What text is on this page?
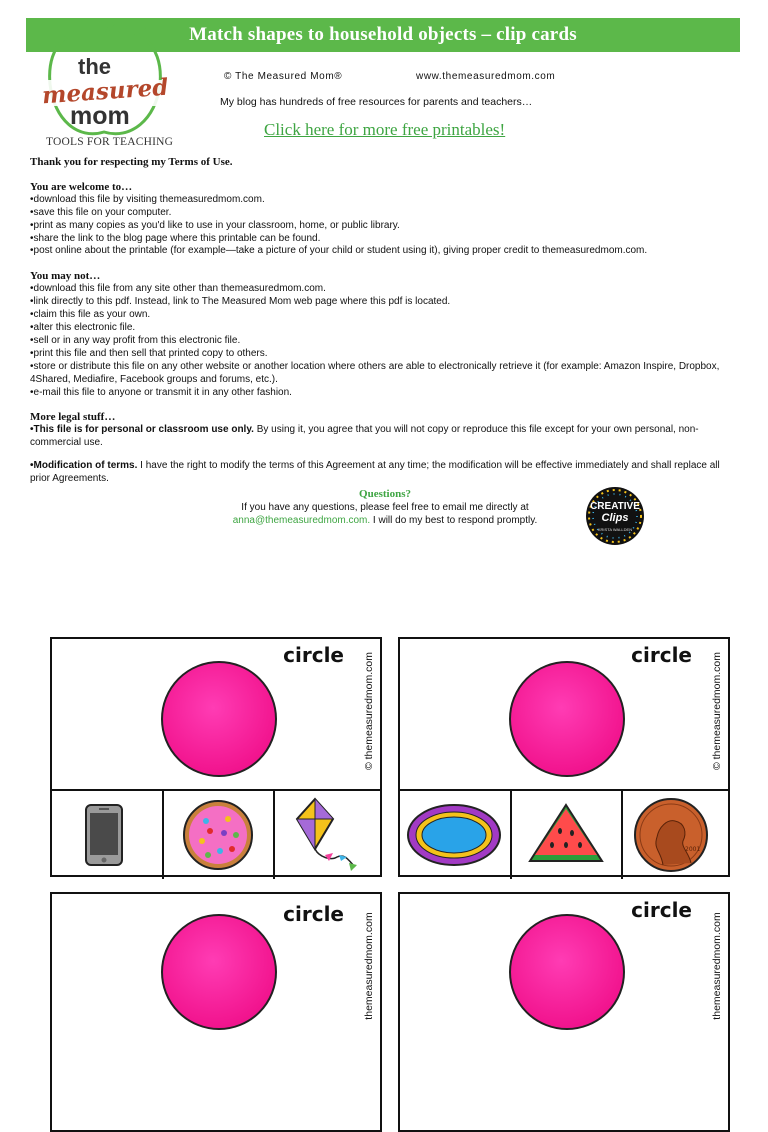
Match shapes to household objects – clip cards
the
measured
mom
TOOLS FOR TEACHING
© The Measured Mom®	www.themeasuredmom.com
My blog has hundreds of free resources for parents and teachers…
Click here for more free printables!
Thank you for respecting my Terms of Use.
You are welcome to…
•download this file by visiting themeasuredmom.com.
•save this file on your computer.
•print as many copies as you'd like to use in your classroom, home, or public library.
•share the link to the blog page where this printable can be found.
•post online about the printable (for example—take a picture of your child or student using it), giving proper credit to themeasuredmom.com.
You may not…
•download this file from any site other than themeasuredmom.com.
•link directly to this pdf. Instead, link to The Measured Mom web page where this pdf is located.
•claim this file as your own.
•alter this electronic file.
•sell or in any way profit from this electronic file.
•print this file and then sell that printed copy to others.
•store or distribute this file on any other website or another location where others are able to electronically retrieve it (for example: Amazon Inspire, Dropbox,
4Shared, Mediafire, Facebook groups and forums, etc.).
•e-mail this file to anyone or transmit it in any other fashion.
More legal stuff…
•This file is for personal or classroom use only. By using it, you agree that you will not copy or reproduce this file except for your own personal, non-
commercial use.
•Modification of terms. I have the right to modify the terms of this Agreement at any time; the modification will be effective immediately and shall replace all
prior Agreements.
Questions?
If you have any questions, please feel free to email me directly at
anna@themeasuredmom.com. I will do my best to respond promptly.
CREATIVE
Clips
KRISTA WALLDEN
circle © themeasuredmom.com	circle © themeasuredmom.com
2001
circle themeasuredmom.com
circle
themeasuredmom.com
